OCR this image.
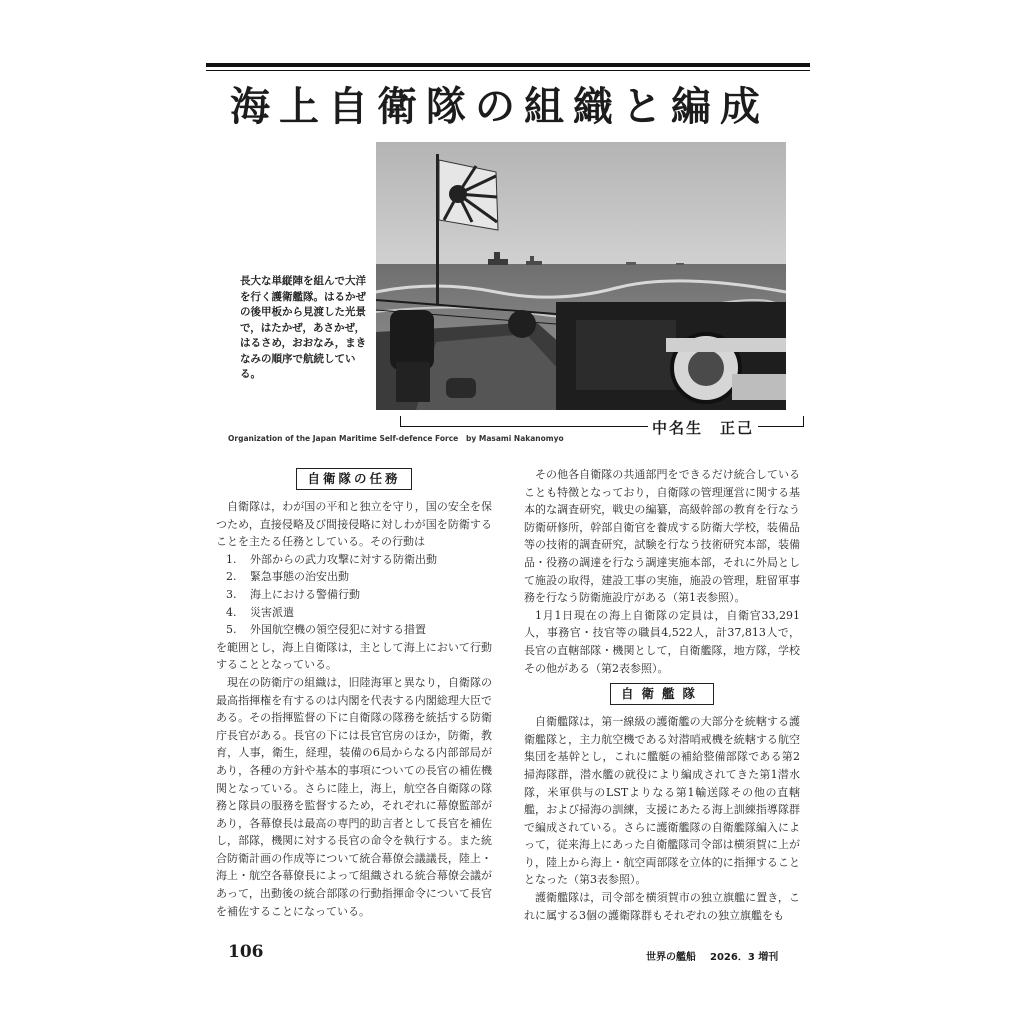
海上自衛隊の組織と編成
長大な単縦陣を組んで大洋を行く護衛艦隊。はるかぜの後甲板から見渡した光景で，はたかぜ，あさかぜ，はるさめ，おおなみ，まきなみの順序で航続している。
中名生　正己
Organization of the Japan Maritime Self-defence Force by Masami Nakanomyo
自衛隊の任務

自衛隊は，わが国の平和と独立を守り，国の安全を保つため，直接侵略及び間接侵略に対しわが国を防衛することを主たる任務としている。その行動は

1.	外部からの武力攻撃に対する防衛出動
2.	緊急事態の治安出動
3.	海上における警備行動
4.	災害派遣
5.	外国航空機の領空侵犯に対する措置

を範囲とし，海上自衛隊は，主として海上において行動することとなっている。

現在の防衛庁の組織は，旧陸海軍と異なり，自衛隊の最高指揮権を有するのは内閣を代表する内閣総理大臣である。その指揮監督の下に自衛隊の隊務を統括する防衛庁長官がある。長官の下には長官官房のほか，防衛，教育，人事，衛生，経理，装備の6局からなる内部部局があり，各種の方針や基本的事項についての長官の補佐機関となっている。さらに陸上，海上，航空各自衛隊の隊務と隊員の服務を監督するため，それぞれに幕僚監部があり，各幕僚長は最高の専門的助言者として長官を補佐し，部隊，機関に対する長官の命令を執行する。また統合防衛計画の作成等について統合幕僚会議議長，陸上・海上・航空各幕僚長によって組織される統合幕僚会議があって，出動後の統合部隊の行動指揮命令について長官を補佐することになっている。

その他各自衛隊の共通部門をできるだけ統合していることも特徴となっており，自衛隊の管理運営に関する基本的な調査研究，戦史の編纂，高級幹部の教育を行なう防衛研修所，幹部自衛官を養成する防衛大学校，装備品等の技術的調査研究，試験を行なう技術研究本部，装備品・役務の調達を行なう調達実施本部，それに外局として施設の取得，建設工事の実施，施設の管理，駐留軍事務を行なう防衛施設庁がある（第1表参照）。

1月1日現在の海上自衛隊の定員は，自衛官33,291人，事務官・技官等の職員4,522人，計37,813人で，長官の直轄部隊・機関として，自衛艦隊，地方隊，学校その他がある（第2表参照）。

自衛艦隊

自衛艦隊は，第一線級の護衛艦の大部分を統轄する護衛艦隊と，主力航空機である対潜哨戒機を統轄する航空集団を基幹とし，これに艦艇の補給整備部隊である第2掃海隊群，潜水艦の就役により編成されてきた第1潜水隊，米軍供与のLSTよりなる第1輸送隊その他の直轄艦，および掃海の訓練，支援にあたる海上訓練指導隊群で編成されている。さらに護衛艦隊の自衛艦隊編入によって，従来海上にあった自衛艦隊司令部は横須賀に上がり，陸上から海上・航空両部隊を立体的に指揮することとなった（第3表参照）。

護衛艦隊は，司令部を横須賀市の独立旗艦に置き，これに属する3個の護衛隊群もそれぞれの独立旗艦をも

106	世界の艦船 2026．3 増刊
